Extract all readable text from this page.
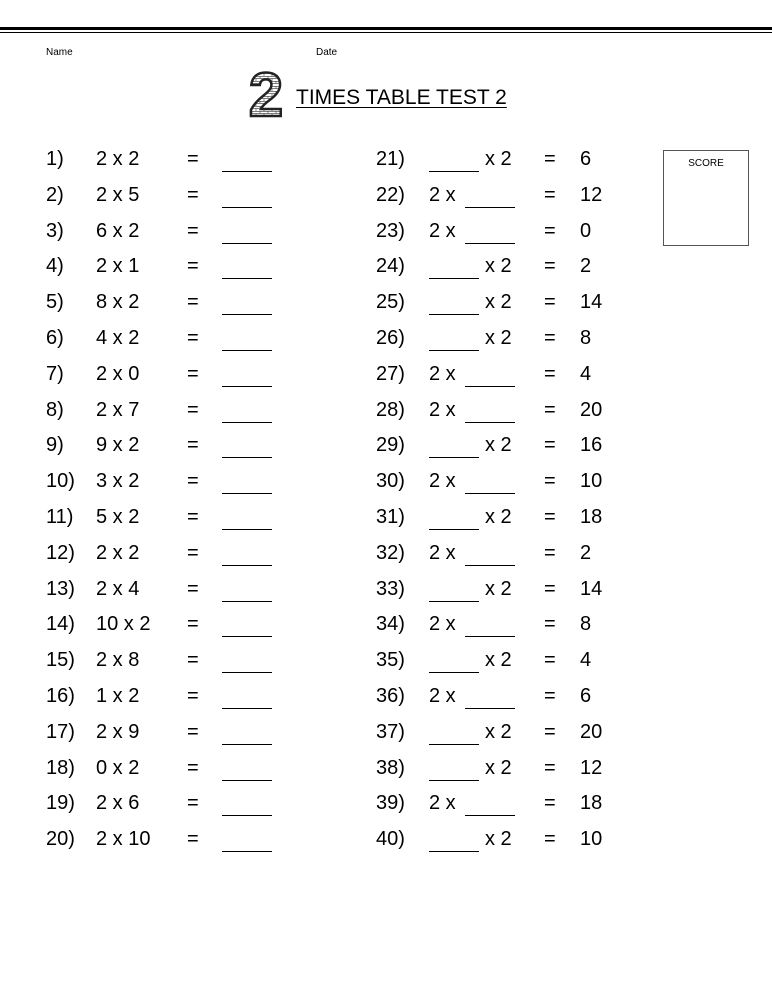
Name	Date
2 TIMES TABLE TEST 2
SCORE
1) 2 x 2 =
2) 2 x 5 =
3) 6 x 2 =
4) 2 x 1 =
5) 8 x 2 =
6) 4 x 2 =
7) 2 x 0 =
8) 2 x 7 =
9) 9 x 2 =
10) 3 x 2 =
11) 5 x 2 =
12) 2 x 2 =
13) 2 x 4 =
14) 10 x 2 =
15) 2 x 8 =
16) 1 x 2 =
17) 2 x 9 =
18) 0 x 2 =
19) 2 x 6 =
20) 2 x 10 =
21)	x 2 = 6
22) 2 x	= 12
23) 2 x	= 0
24)	x 2 = 2
25)	x 2 = 14
26)	x 2 = 8
27) 2 x	= 4
28) 2 x	= 20
29)	x 2 = 16
30) 2 x	= 10
31)	x 2 = 18
32) 2 x	= 2
33)	x 2 = 14
34) 2 x	= 8
35)	x 2 = 4
36) 2 x	= 6
37)	x 2 = 20
38)	x 2 = 12
39) 2 x	= 18
40)	x 2 = 10
